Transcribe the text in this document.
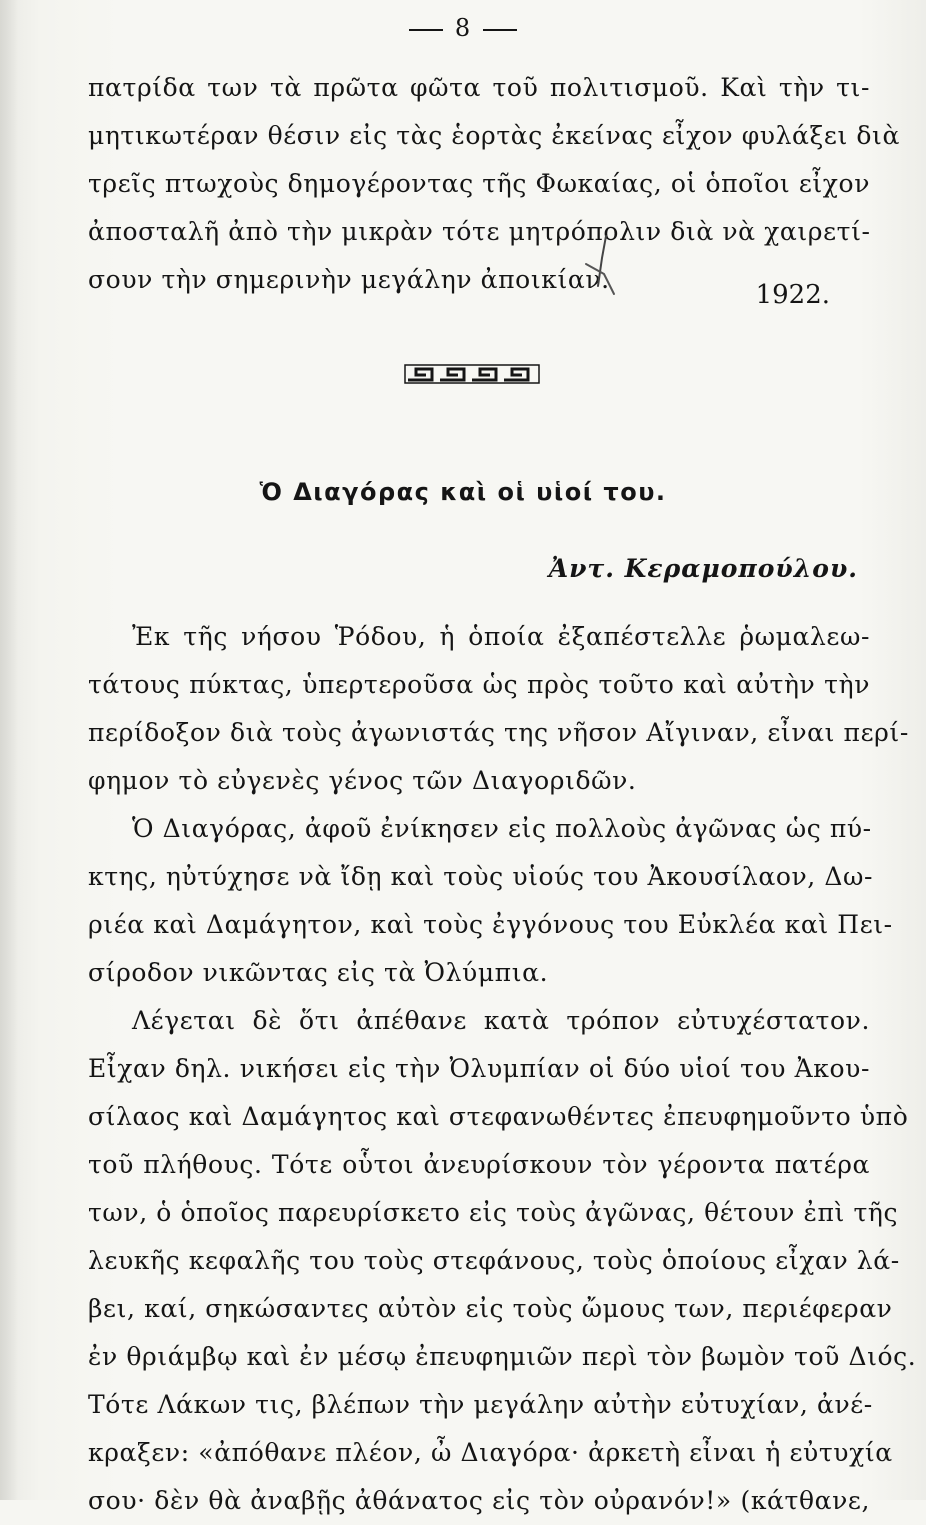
8
πατρίδα των τὰ πρῶτα φῶτα τοῦ πολιτισμοῦ. Καὶ τὴν τι-
μητικωτέραν θέσιν εἰς τὰς ἑορτὰς ἐκείνας εἶχον φυλάξει διὰ
τρεῖς πτωχοὺς δημογέροντας τῆς Φωκαίας, οἱ ὁποῖοι εἶχον
ἀποσταλῆ ἀπὸ τὴν μικρὰν τότε μητρόπολιν διὰ νὰ χαιρετί-
σουν τὴν σημερινὴν μεγάλην ἀποικίαν.
1922.
Ὁ Διαγόρας καὶ οἱ υἱοί του.
Ἀντ. Κεραμοπούλου.
Ἐκ τῆς νήσου Ῥόδου, ἡ ὁποία ἐξαπέστελλε ῥωμαλεω-
τάτους πύκτας, ὑπερτεροῦσα ὡς πρὸς τοῦτο καὶ αὐτὴν τὴν
περίδοξον διὰ τοὺς ἀγωνιστάς της νῆσον Αἴγιναν, εἶναι περί-
φημον τὸ εὐγενὲς γένος τῶν Διαγοριδῶν.
Ὁ Διαγόρας, ἀφοῦ ἐνίκησεν εἰς πολλοὺς ἀγῶνας ὡς πύ-
κτης, ηὐτύχησε νὰ ἴδῃ καὶ τοὺς υἱούς του Ἀκουσίλαον, Δω-
ριέα καὶ Δαμάγητον, καὶ τοὺς ἐγγόνους του Εὐκλέα καὶ Πει-
σίροδον νικῶντας εἰς τὰ Ὀλύμπια.
Λέγεται δὲ ὅτι ἀπέθανε κατὰ τρόπον εὐτυχέστατον.
Εἶχαν δηλ. νικήσει εἰς τὴν Ὀλυμπίαν οἱ δύο υἱοί του Ἀκου-
σίλαος καὶ Δαμάγητος καὶ στεφανωθέντες ἐπευφημοῦντο ὑπὸ
τοῦ πλήθους. Τότε οὗτοι ἀνευρίσκουν τὸν γέροντα πατέρα
των, ὁ ὁποῖος παρευρίσκετο εἰς τοὺς ἀγῶνας, θέτουν ἐπὶ τῆς
λευκῆς κεφαλῆς του τοὺς στεφάνους, τοὺς ὁποίους εἶχαν λά-
βει, καί, σηκώσαντες αὐτὸν εἰς τοὺς ὤμους των, περιέφεραν
ἐν θριάμβῳ καὶ ἐν μέσῳ ἐπευφημιῶν περὶ τὸν βωμὸν τοῦ Διός.
Τότε Λάκων τις, βλέπων τὴν μεγάλην αὐτὴν εὐτυχίαν, ἀνέ-
κραξεν: «ἀπόθανε πλέον, ὦ Διαγόρα· ἀρκετὴ εἶναι ἡ εὐτυχία
σου· δὲν θὰ ἀναβῇς ἀθάνατος εἰς τὸν οὐρανόν!» (κάτθανε,
